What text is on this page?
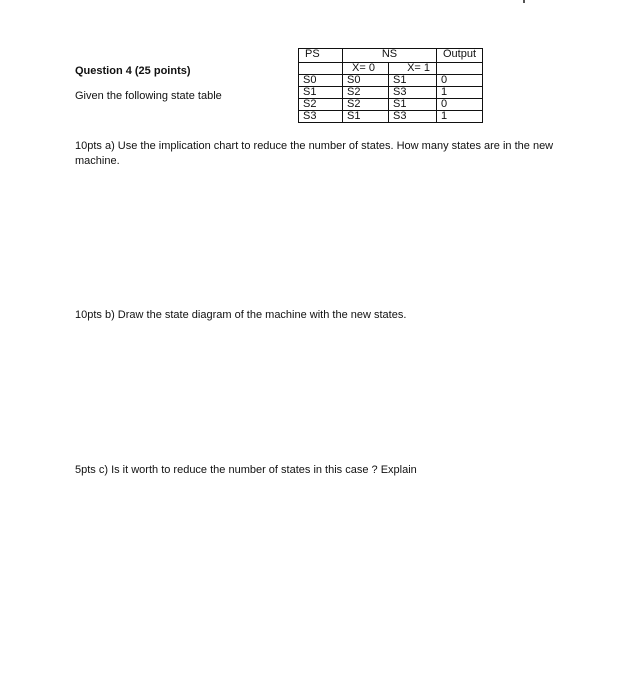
Question 4 (25 points)
Given the following state table
PS	NS		Output
	X= 0	X= 1	
S0	S0	S1	0
S1	S2	S3	1
S2	S2	S1	0
S3	S1	S3	1
10pts a) Use the implication chart to reduce the number of states. How many states are in the new machine.
10pts b) Draw the state diagram of the machine with the new states.
5pts c) Is it worth to reduce the number of states in this case ? Explain
